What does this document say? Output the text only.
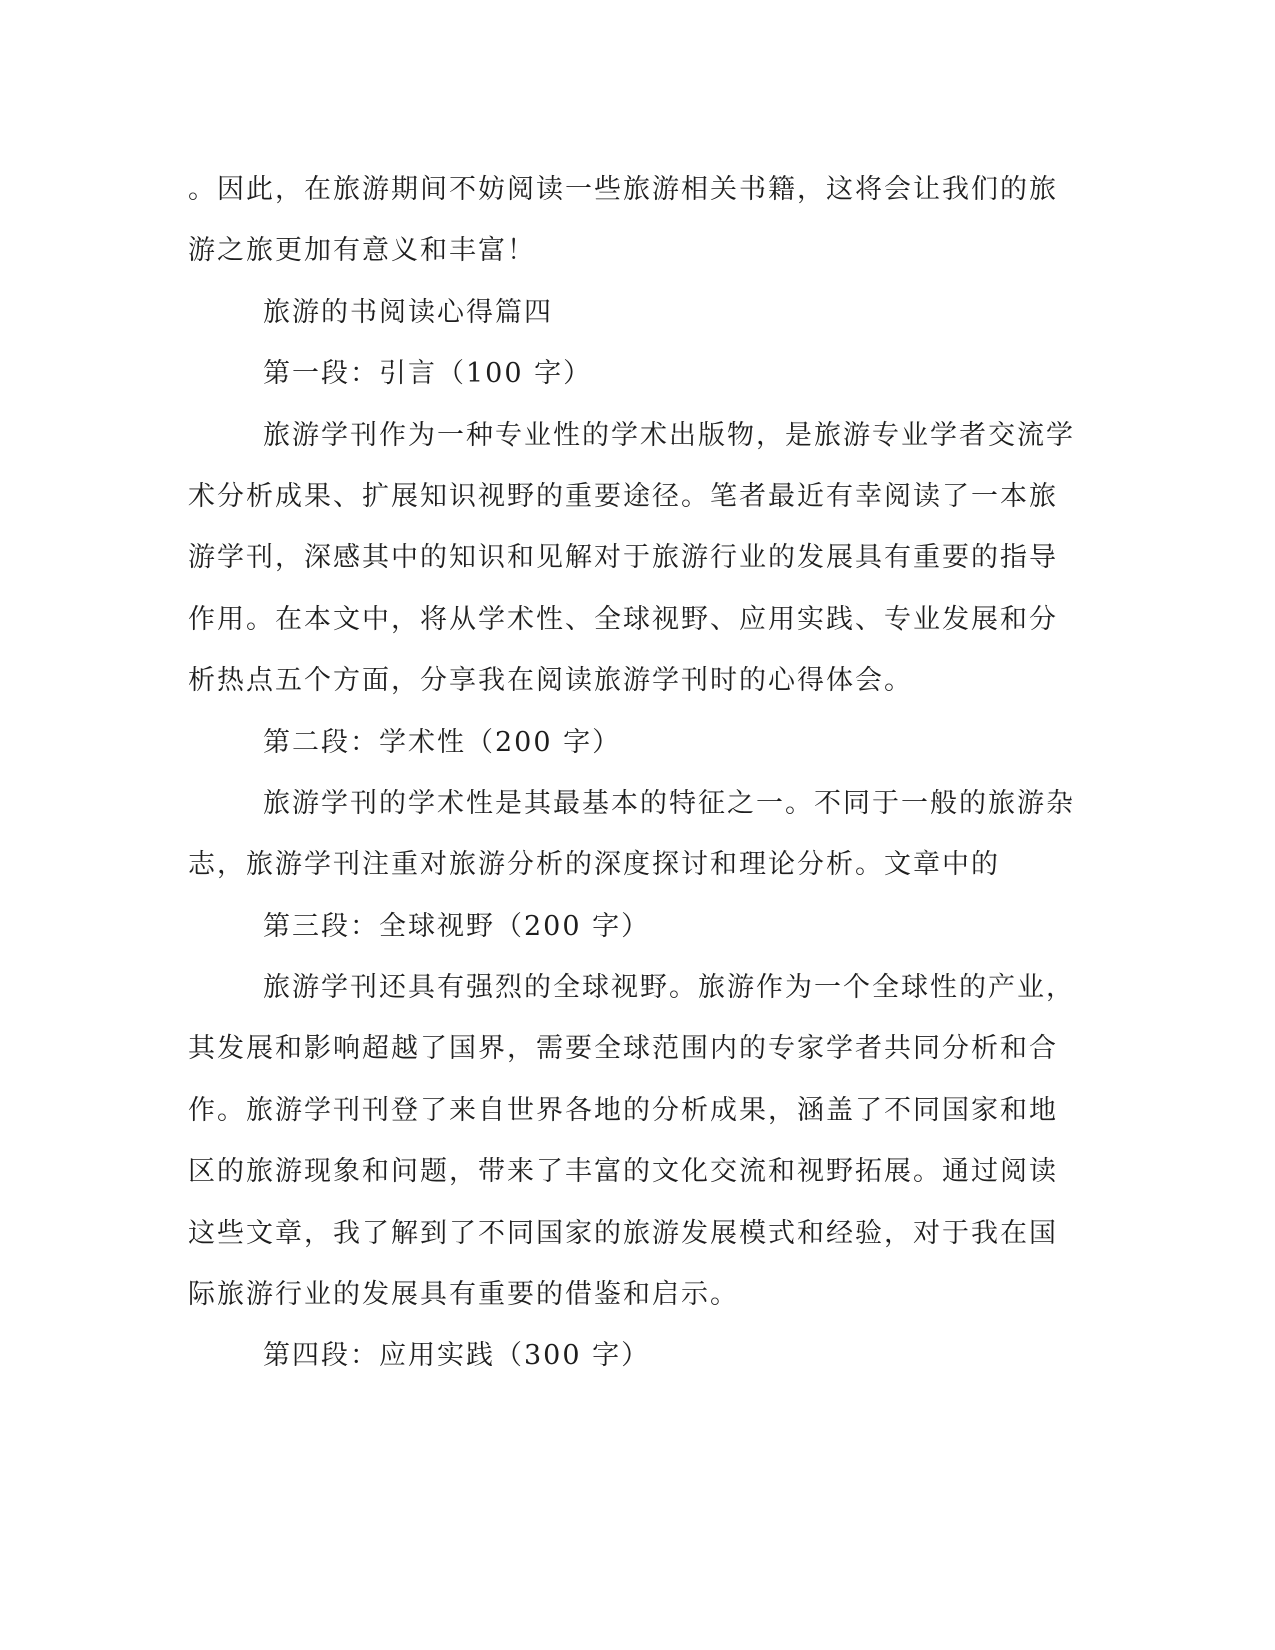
。因此，在旅游期间不妨阅读一些旅游相关书籍，这将会让我们的旅

游之旅更加有意义和丰富！

旅游的书阅读心得篇四

第一段：引言（100 字）

旅游学刊作为一种专业性的学术出版物，是旅游专业学者交流学

术分析成果、扩展知识视野的重要途径。笔者最近有幸阅读了一本旅

游学刊，深感其中的知识和见解对于旅游行业的发展具有重要的指导

作用。在本文中，将从学术性、全球视野、应用实践、专业发展和分

析热点五个方面，分享我在阅读旅游学刊时的心得体会。

第二段：学术性（200 字）

旅游学刊的学术性是其最基本的特征之一。不同于一般的旅游杂

志，旅游学刊注重对旅游分析的深度探讨和理论分析。文章中的

第三段：全球视野（200 字）

旅游学刊还具有强烈的全球视野。旅游作为一个全球性的产业，

其发展和影响超越了国界，需要全球范围内的专家学者共同分析和合

作。旅游学刊刊登了来自世界各地的分析成果，涵盖了不同国家和地

区的旅游现象和问题，带来了丰富的文化交流和视野拓展。通过阅读

这些文章，我了解到了不同国家的旅游发展模式和经验，对于我在国

际旅游行业的发展具有重要的借鉴和启示。

第四段：应用实践（300 字）
